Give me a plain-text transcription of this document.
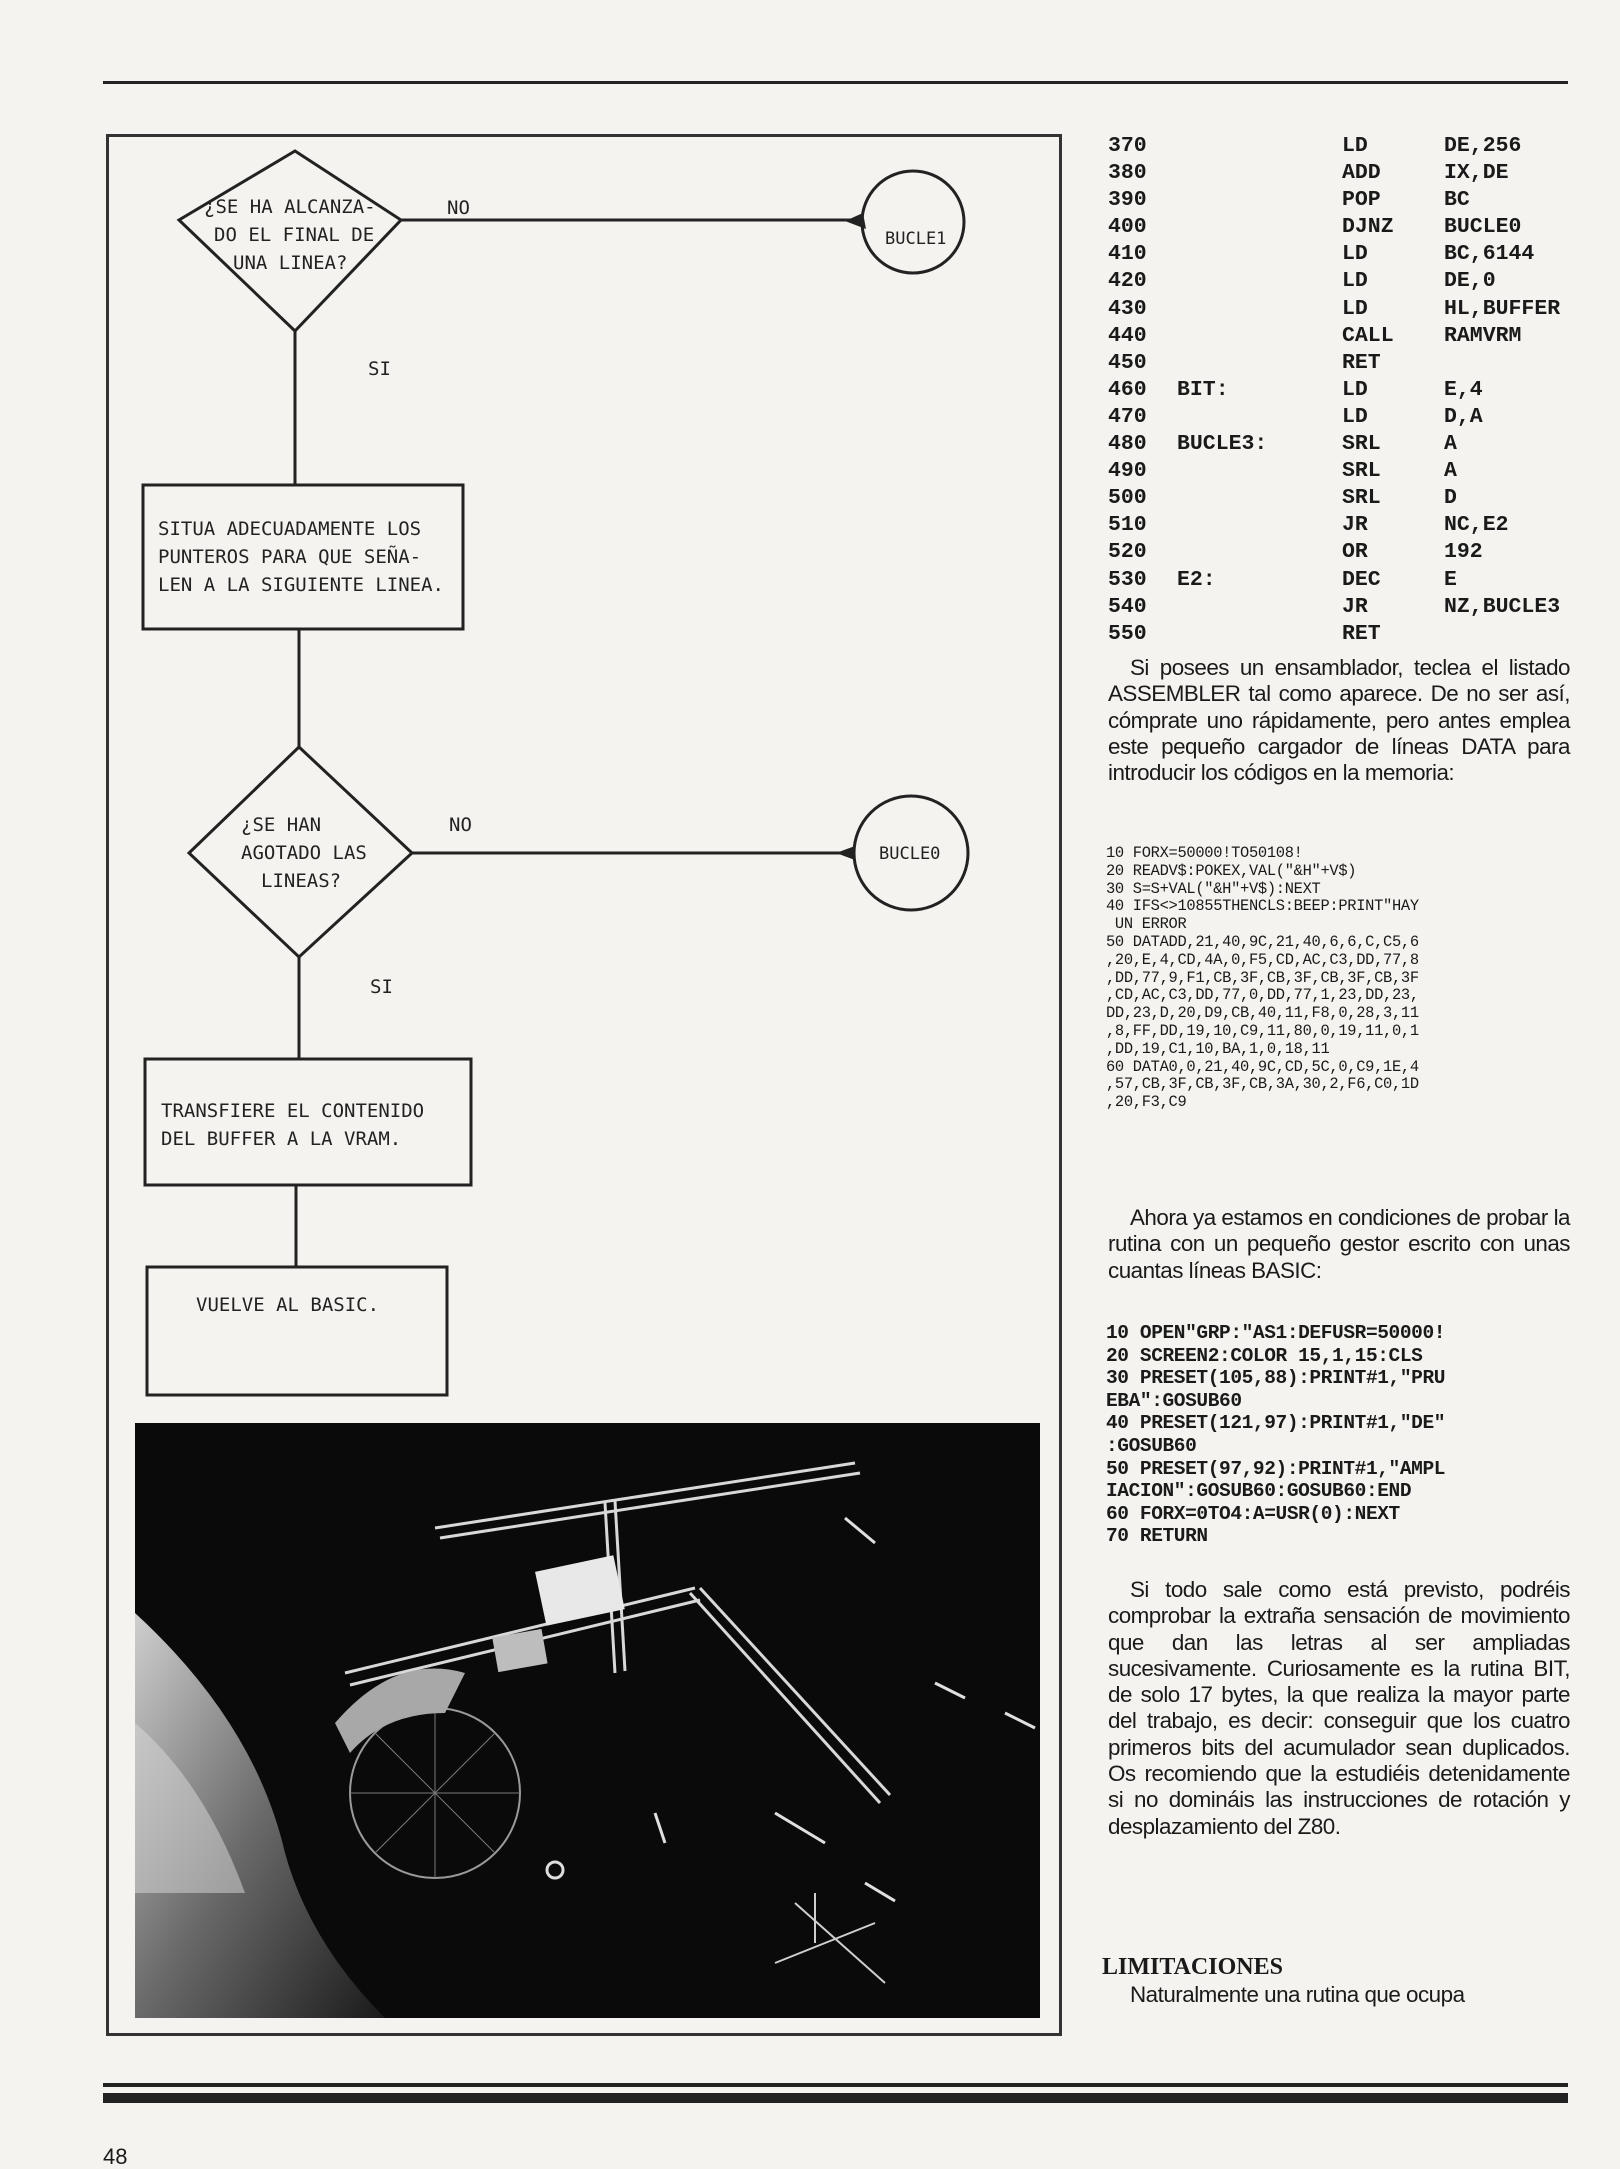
¿SE HA ALCANZA-
DO EL FINAL DE
UNA LINEA?
NO
SI
BUCLE1
SITUA ADECUADAMENTE LOS
PUNTEROS PARA QUE SEÑA-
LEN A LA SIGUIENTE LINEA.
¿SE HAN
AGOTADO LAS
LINEAS?
NO
SI
BUCLE0
TRANSFIERE EL CONTENIDO
DEL BUFFER A LA VRAM.
VUELVE AL BASIC.
370	LD	DE,256
380	ADD	IX,DE
390	POP	BC
400	DJNZ BUCLE0
410	LD	BC,6144
420	LD	DE,0
430	LD	HL,BUFFER
440	CALL RAMVRM
450	RET
460 BIT:	LD	E,4
470	LD	D,A
480 BUCLE3:	SRL	A
490	SRL	A
500	SRL	D
510	JR	NC,E2
520	OR	192
530 E2:	DEC	E
540	JR	NZ,BUCLE3
550	RET

Si posees un ensamblador, teclea el listado ASSEMBLER tal como aparece. De no ser así, cómprate uno rápidamente, pero antes emplea este pequeño cargador de líneas DATA para introducir los códigos en la memoria:

10 FORX=50000!TO50108!
20 READV$:POKEX,VAL("&H"+V$)
30 S=S+VAL("&H"+V$):NEXT
40 IFS<>10855THENCLS:BEEP:PRINT"HAY
UN ERROR
50 DATADD,21,40,9C,21,40,6,6,C,C5,6
,20,E,4,CD,4A,0,F5,CD,AC,C3,DD,77,8
,DD,77,9,F1,CB,3F,CB,3F,CB,3F,CB,3F
,CD,AC,C3,DD,77,0,DD,77,1,23,DD,23,
DD,23,D,20,D9,CB,40,11,F8,0,28,3,11
,8,FF,DD,19,10,C9,11,80,0,19,11,0,1
,DD,19,C1,10,BA,1,0,18,11
60 DATA0,0,21,40,9C,CD,5C,0,C9,1E,4
,57,CB,3F,CB,3F,CB,3A,30,2,F6,C0,1D
,20,F3,C9

Ahora ya estamos en condiciones de probar la rutina con un pequeño gestor escrito con unas cuantas líneas BASIC:

10 OPEN"GRP:"AS1:DEFUSR=50000!
20 SCREEN2:COLOR 15,1,15:CLS
30 PRESET(105,88):PRINT#1,"PRU
EBA":GOSUB60
40 PRESET(121,97):PRINT#1,"DE"
:GOSUB60
50 PRESET(97,92):PRINT#1,"AMPL
IACION":GOSUB60:GOSUB60:END
60 FORX=0TO4:A=USR(0):NEXT
70 RETURN

Si todo sale como está previsto, podréis comprobar la extraña sensación de movimiento que dan las letras al ser ampliadas sucesivamente. Curiosamente es la rutina BIT, de solo 17 bytes, la que realiza la mayor parte del trabajo, es decir: conseguir que los cuatro primeros bits del acumulador sean duplicados. Os recomiendo que la estudiéis detenidamente si no domináis las instrucciones de rotación y desplazamiento del Z80.

LIMITACIONES

Naturalmente una rutina que ocupa

48
